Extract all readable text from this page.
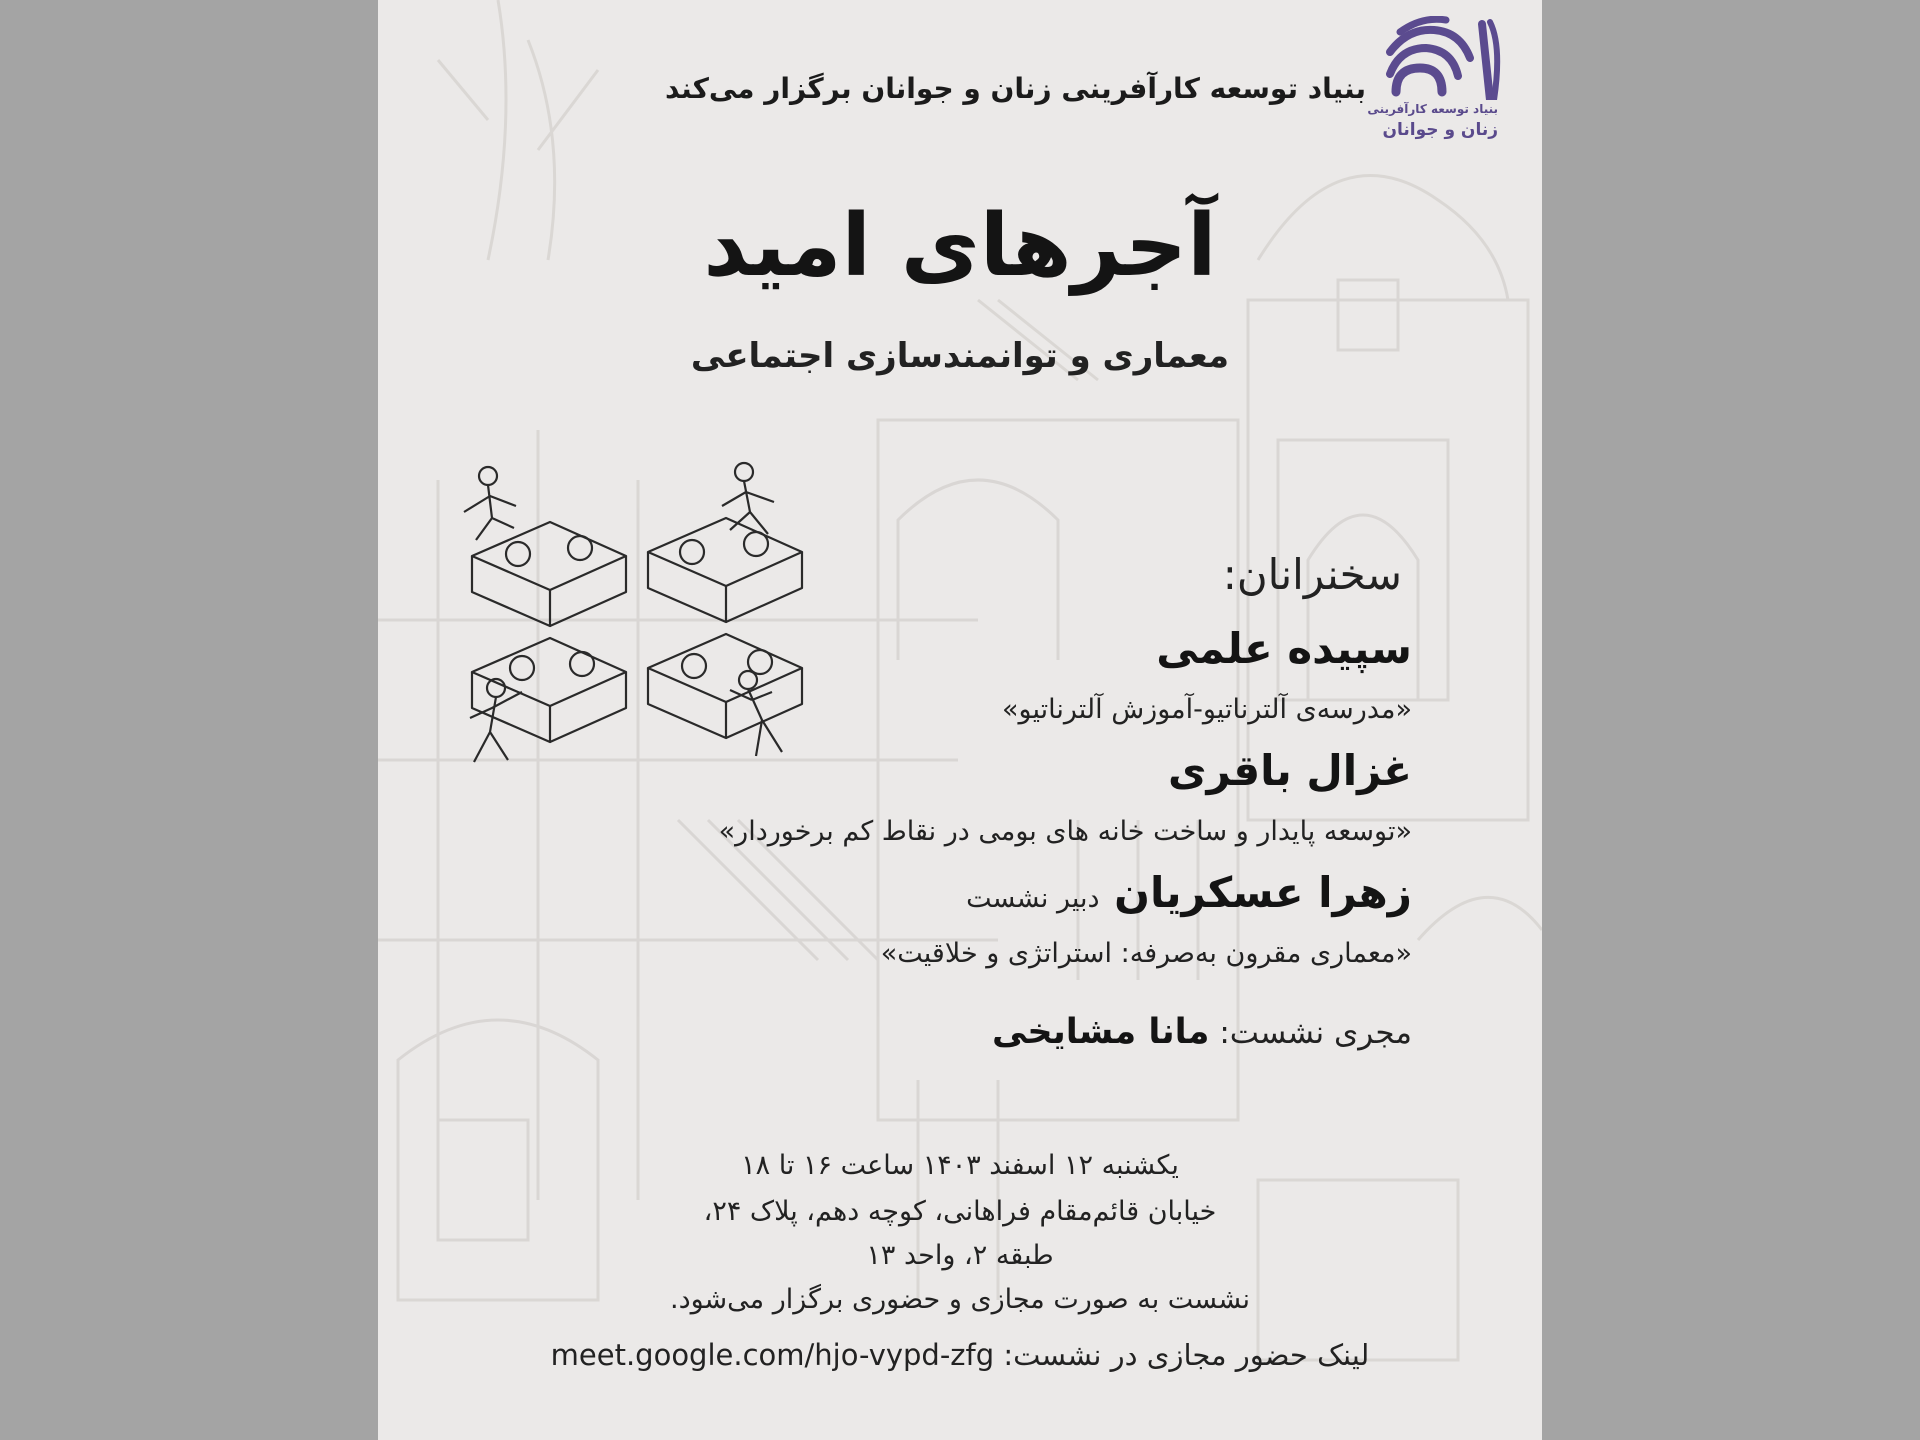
بنیاد توسعه کارآفرینی
زنان و جوانان
بنیاد توسعه کارآفرینی زنان و جوانان برگزار می‌کند
آجرهای امید
معماری و توانمندسازی اجتماعی
سخنرانان:
سپیده علمی
«مدرسه‌ی آلترناتیو-آموزش آلترناتیو»
غزال باقری
«توسعه پایدار و ساخت خانه های بومی در نقاط کم برخوردار»
زهرا عسکریان دبیر نشست
«معماری مقرون به‌صرفه: استراتژی و خلاقیت»
مجری نشست: مانا مشایخی
یکشنبه ۱۲ اسفند ۱۴۰۳ ساعت ۱۶ تا ۱۸
خیابان قائم‌مقام فراهانی، کوچه دهم، پلاک ۲۴،
طبقه ۲، واحد ۱۳
نشست به صورت مجازی و حضوری برگزار می‌شود.
لینک حضور مجازی در نشست: meet.google.com/hjo-vypd-zfg
